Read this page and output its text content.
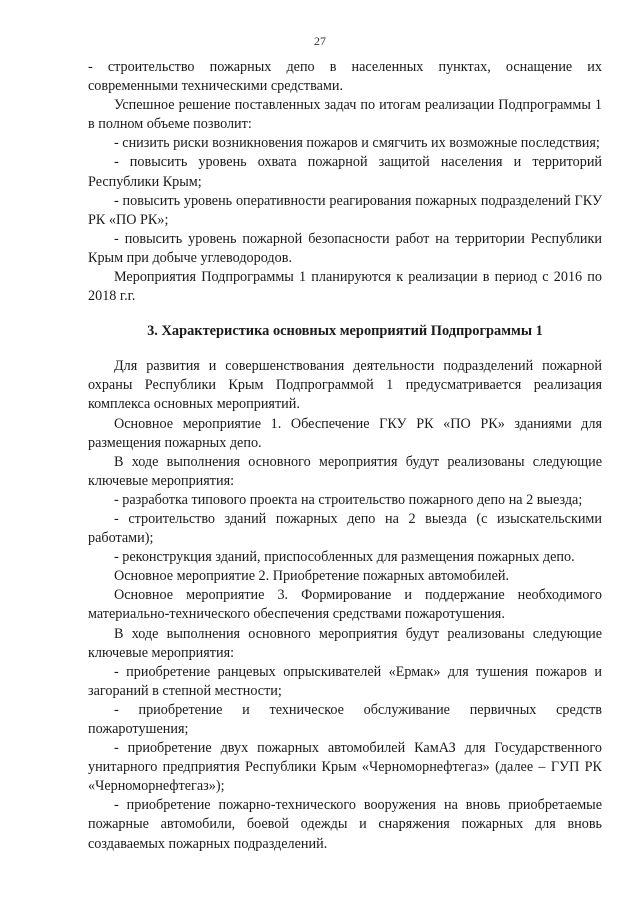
27

- строительство пожарных депо в населенных пунктах, оснащение их современными техническими средствами.

Успешное решение поставленных задач по итогам реализации Подпрограммы 1 в полном объеме позволит:

- снизить риски возникновения пожаров и смягчить их возможные последствия;

- повысить уровень охвата пожарной защитой населения и территорий Республики Крым;

- повысить уровень оперативности реагирования пожарных подразделений ГКУ РК «ПО РК»;

- повысить уровень пожарной безопасности работ на территории Республики Крым при добыче углеводородов.

Мероприятия Подпрограммы 1 планируются к реализации в период с 2016 по 2018 г.г.

3. Характеристика основных мероприятий Подпрограммы 1

Для развития и совершенствования деятельности подразделений пожарной охраны Республики Крым Подпрограммой 1 предусматривается реализация комплекса основных мероприятий.

Основное мероприятие 1. Обеспечение ГКУ РК «ПО РК» зданиями для размещения пожарных депо.

В ходе выполнения основного мероприятия будут реализованы следующие ключевые мероприятия:

- разработка типового проекта на строительство пожарного депо на 2 выезда;

- строительство зданий пожарных депо на 2 выезда (с изыскательскими работами);

- реконструкция зданий, приспособленных для размещения пожарных депо.

Основное мероприятие 2. Приобретение пожарных автомобилей.

Основное мероприятие 3. Формирование и поддержание необходимого материально-технического обеспечения средствами пожаротушения.

В ходе выполнения основного мероприятия будут реализованы следующие ключевые мероприятия:

- приобретение ранцевых опрыскивателей «Ермак» для тушения пожаров и загораний в степной местности;

- приобретение и техническое обслуживание первичных средств пожаротушения;

- приобретение двух пожарных автомобилей КамАЗ для Государственного унитарного предприятия Республики Крым «Черноморнефтегаз» (далее – ГУП РК «Черноморнефтегаз»);

- приобретение пожарно-технического вооружения на вновь приобретаемые пожарные автомобили, боевой одежды и снаряжения пожарных для вновь создаваемых пожарных подразделений.
